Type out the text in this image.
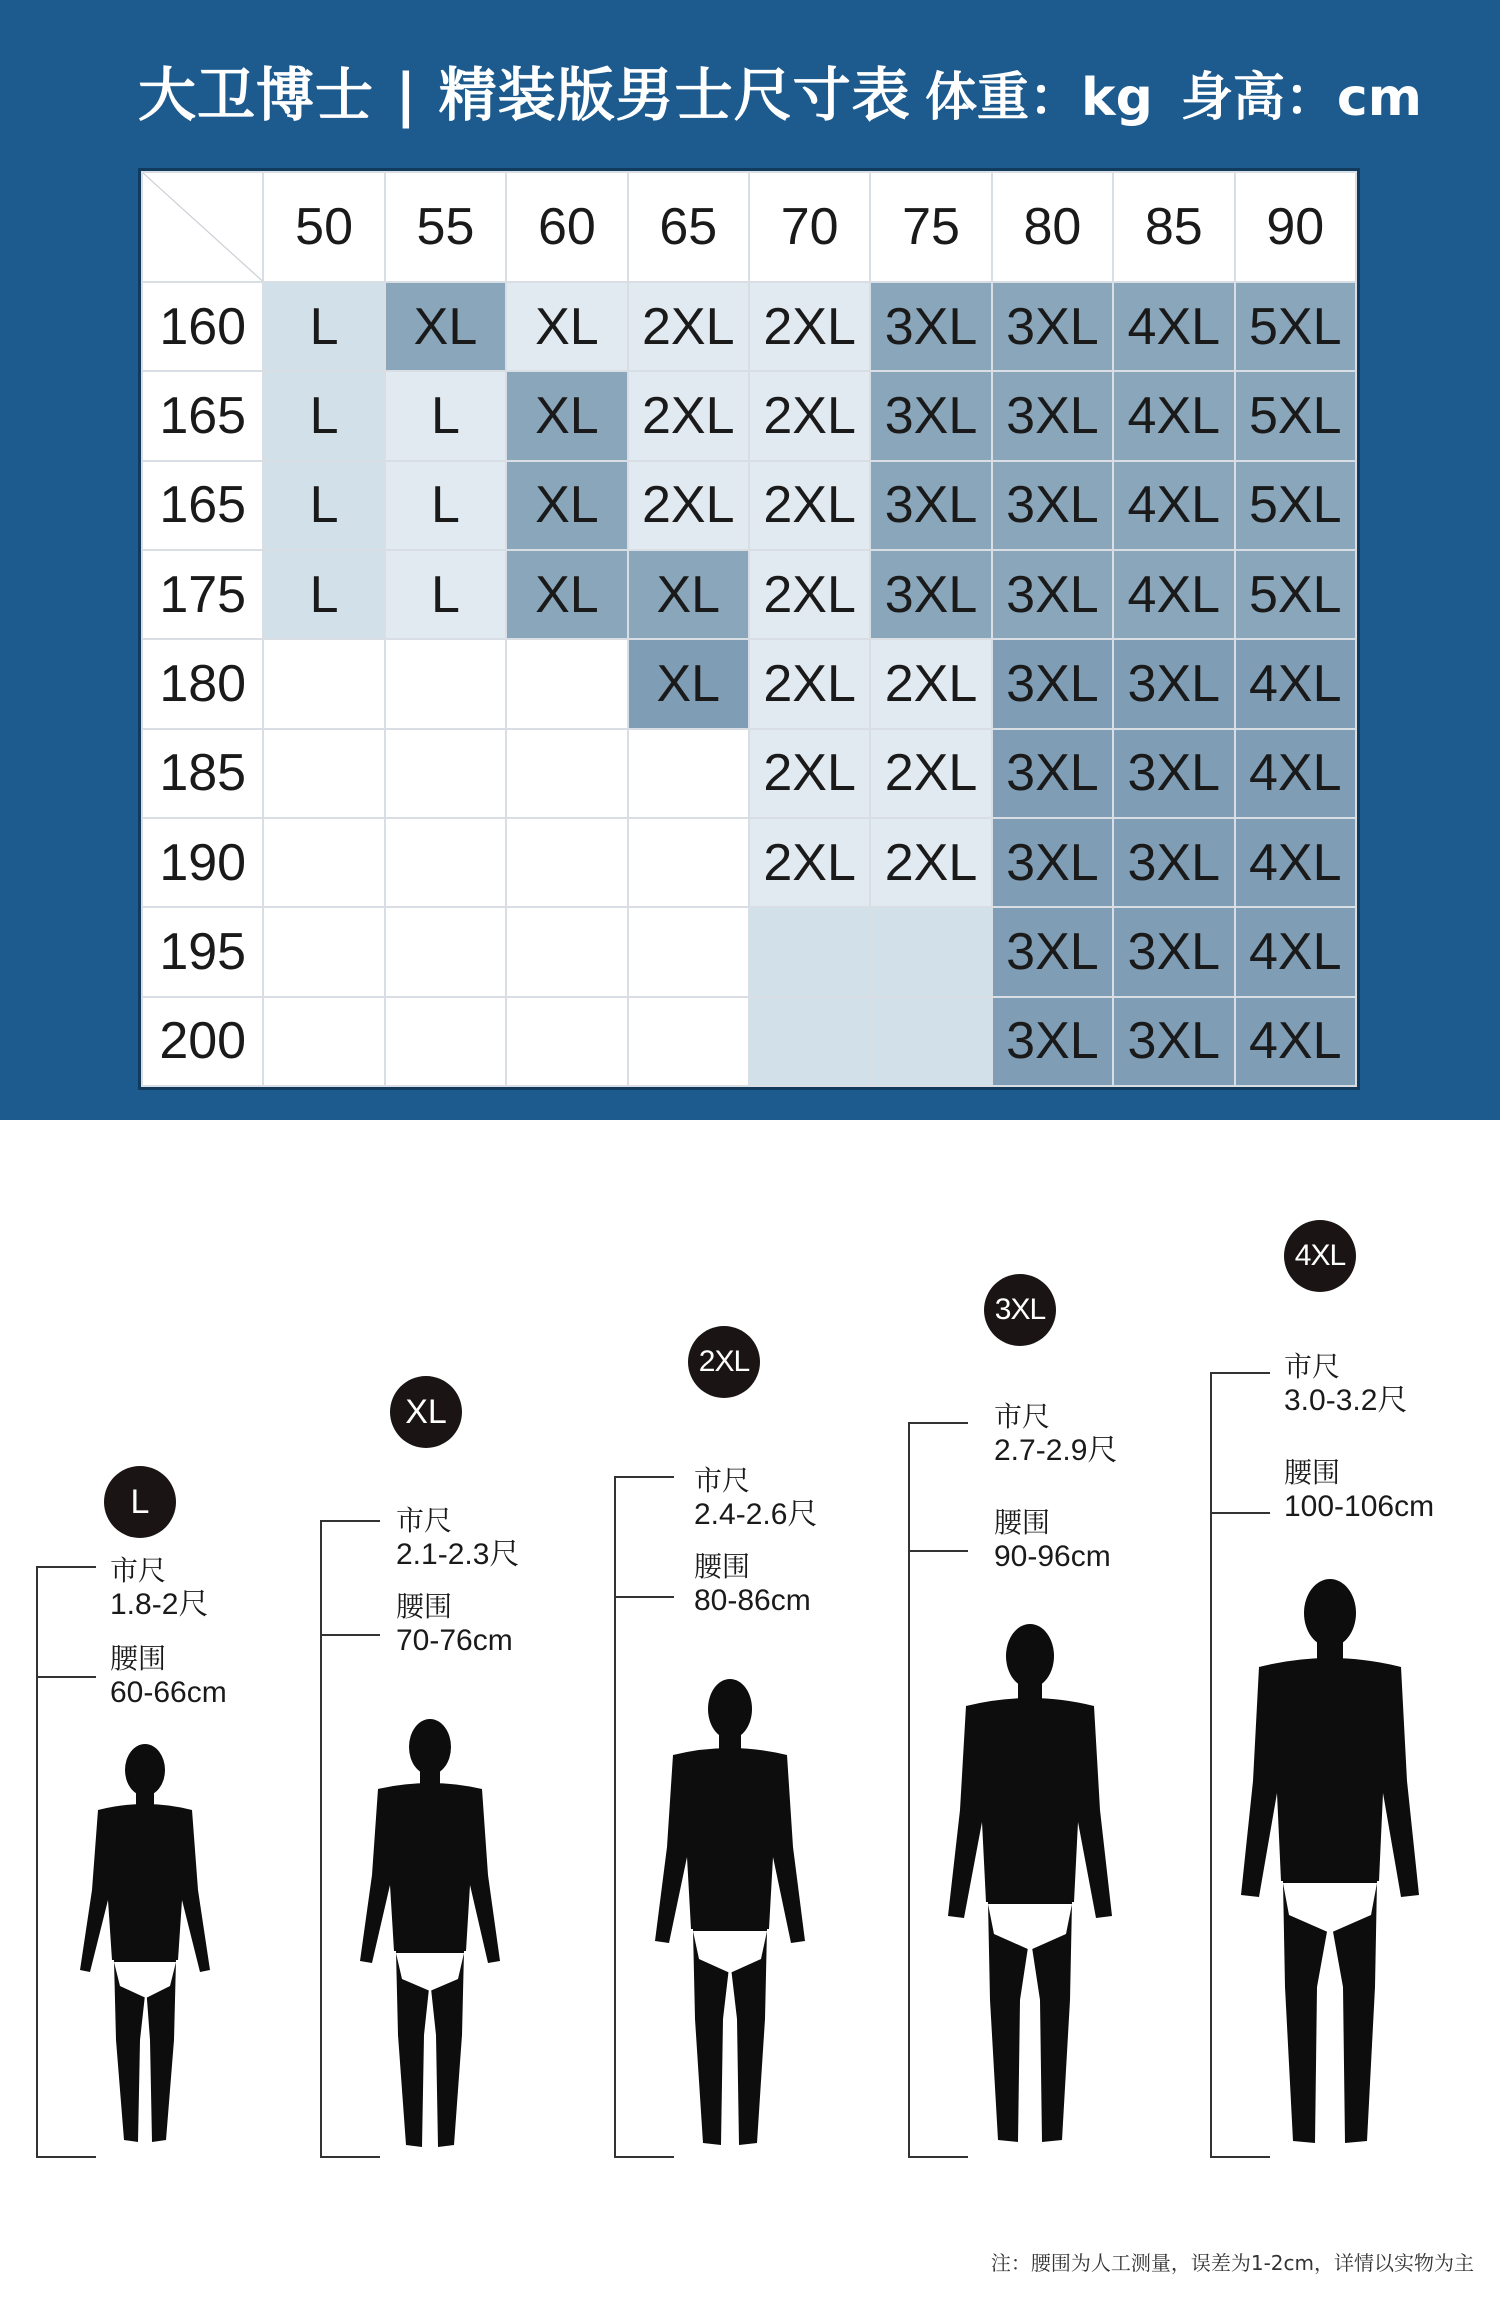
大卫博士 | 精装版男士尺寸表 体重：kg 身高：cm
	50	55	60	65	70	75	80	85	90
160	L	XL	XL	2XL	2XL	3XL	3XL	4XL	5XL
165	L	L	XL	2XL	2XL	3XL	3XL	4XL	5XL
165	L	L	XL	2XL	2XL	3XL	3XL	4XL	5XL
175	L	L	XL	XL	2XL	3XL	3XL	4XL	5XL
180				XL	2XL	2XL	3XL	3XL	4XL
185					2XL	2XL	3XL	3XL	4XL
190					2XL	2XL	3XL	3XL	4XL
195							3XL	3XL	4XL
200							3XL	3XL	4XL
L
市尺
1.8-2尺
腰围
60-66cm
XL
市尺
2.1-2.3尺
腰围
70-76cm
2XL
市尺
2.4-2.6尺
腰围
80-86cm
3XL
市尺
2.7-2.9尺
腰围
90-96cm
4XL
市尺
3.0-3.2尺
腰围
100-106cm
注：腰围为人工测量，误差为1-2cm，详情以实物为主
